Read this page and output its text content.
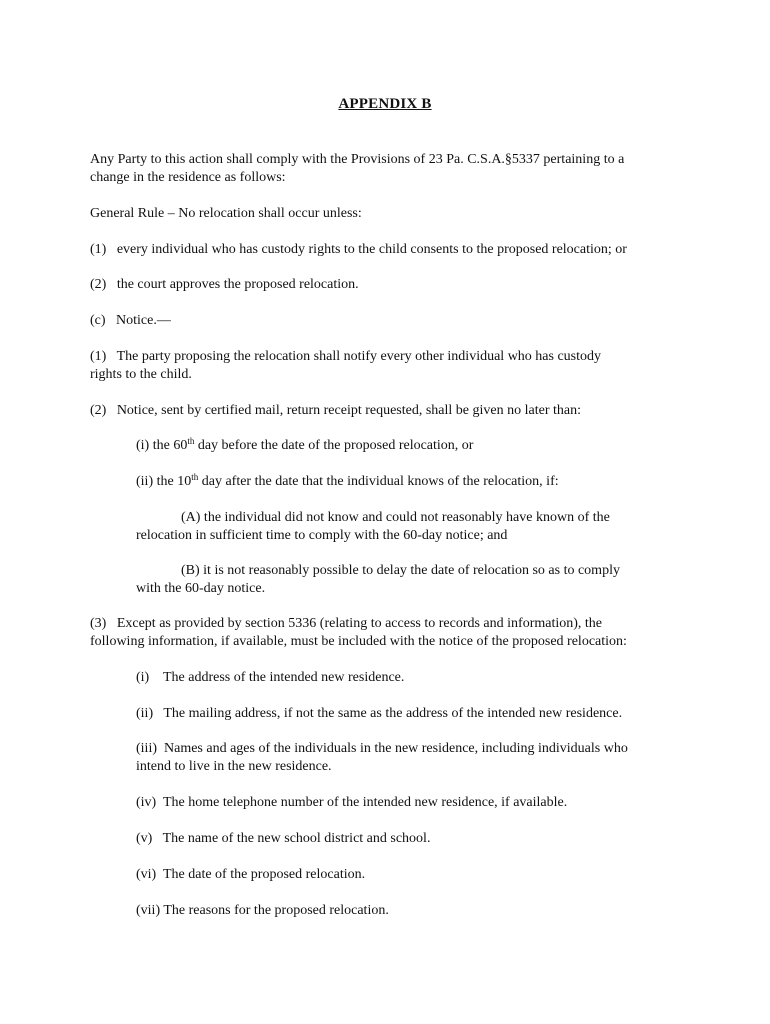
APPENDIX B
Any Party to this action shall comply with the Provisions of 23 Pa. C.S.A.§5337 pertaining to a
change in the residence as follows:
General Rule – No relocation shall occur unless:
(1)   every individual who has custody rights to the child consents to the proposed relocation; or
(2)   the court approves the proposed relocation.
(c)   Notice.—
(1)   The party proposing the relocation shall notify every other individual who has custody
rights to the child.
(2)   Notice, sent by certified mail, return receipt requested, shall be given no later than:
(i) the 60th day before the date of the proposed relocation, or
(ii) the 10th day after the date that the individual knows of the relocation, if:
(A) the individual did not know and could not reasonably have known of the
relocation in sufficient time to comply with the 60-day notice; and
(B) it is not reasonably possible to delay the date of relocation so as to comply
with the 60-day notice.
(3)   Except as provided by section 5336 (relating to access to records and information), the
following information, if available, must be included with the notice of the proposed relocation:
(i)    The address of the intended new residence.
(ii)   The mailing address, if not the same as the address of the intended new residence.
(iii)  Names and ages of the individuals in the new residence, including individuals who
intend to live in the new residence.
(iv)  The home telephone number of the intended new residence, if available.
(v)   The name of the new school district and school.
(vi)  The date of the proposed relocation.
(vii) The reasons for the proposed relocation.
